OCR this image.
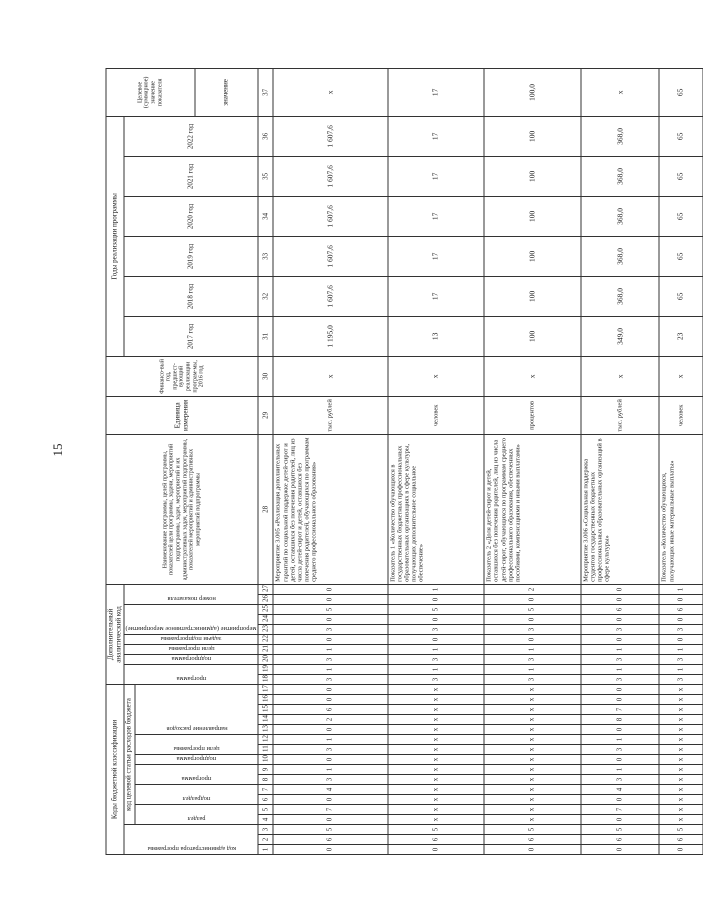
15
Коды бюджетной классификации																	Дополнительный аналитический код										Наименование программы, целей программы, показателей цели программы, задачи, мероприятий подпрограммы, задач, мероприятий и их административных задач, мероприятий подпрограммы, показателей мероприятий и административных мероприятий подпрограммы	Единица измерения	Финансо-вый год, предшест-вующий реализации програм-мы, 2016 год	Годы реализации программы						Целевое (суммарное) значение показателя

код администратора программы			код целевой статьи расходов бюджета														программа		подпрограмма	цели программы	задачи подпрограммы	мероприятие (административное мероприятие)			номер показателя					2017 год	2018 год	2019 год	2020 год	2021 год	2022 год	

			раздел		подраздел		программа		подпрограмма	цели программы		направление расходов																								

																																				значение
1	2	3	4	5	6	7	8	9	10	11	12	13	14	15	16	17	18	19	20	21	22	23	24	25	26	27	28	29	30	31	32	33	34	35	36	37
0	6	5	0	7	0	4	3	1	0	3	1	0	2	6	0	0	3	1	3	1	0	3	0	5	0	0	Мероприятие 3.005 «Реализация дополнительных гарантий по социальной поддержке детей-сирот и детей, оставшихся без попечения родителей, лиц из числа детей-сирот и детей, оставшихся без попечения родителей, обучающихся по программам среднего профессионального образования»	тыс. рублей	х	1 195,0	1 607,6	1 607,6	1 607,6	1 607,6	1 607,6	х
0	6	5	х	х	х	х	х	х	х	х	х	х	х	х	х	х	3	1	3	1	0	3	0	5	0	1	Показатель 1 «Количество обучающихся в государственных бюджетных профессиональных образовательных организациях в сфере культуры, получающих дополнительное социальное обеспечение»	человек	х	13	17	17	17	17	17	17
0	6	5	х	х	х	х	х	х	х	х	х	х	х	х	х	х	3	1	3	1	0	3	0	5	0	2	Показатель 2 «Доля детей-сирот и детей, оставшихся без попечения родителей, лиц из числа детей-сирот, обучающихся по программам среднего профессионального образования, обеспеченных пособиями, компенсациями и иными выплатами»	процентов	х	100	100	100	100	100	100	100,0
0	6	5	0	7	0	4	3	1	0	3	1	0	8	7	0	0	3	1	3	1	0	3	0	6	0	0	Мероприятие 3.006 «Социальная поддержка студентов государственных бюджетных профессиональных образовательных организаций в сфере культуры»	тыс. рублей	х	349,0	368,0	368,0	368,0	368,0	368,0	х
0	6	5	х	х	х	х	х	х	х	х	х	х	х	х	х	х	3	1	3	1	0	3	0	6	0	1	Показатель «Количество обучающихся, получающих иные материальные выплаты»	человек	х	23	65	65	65	65	65	65
